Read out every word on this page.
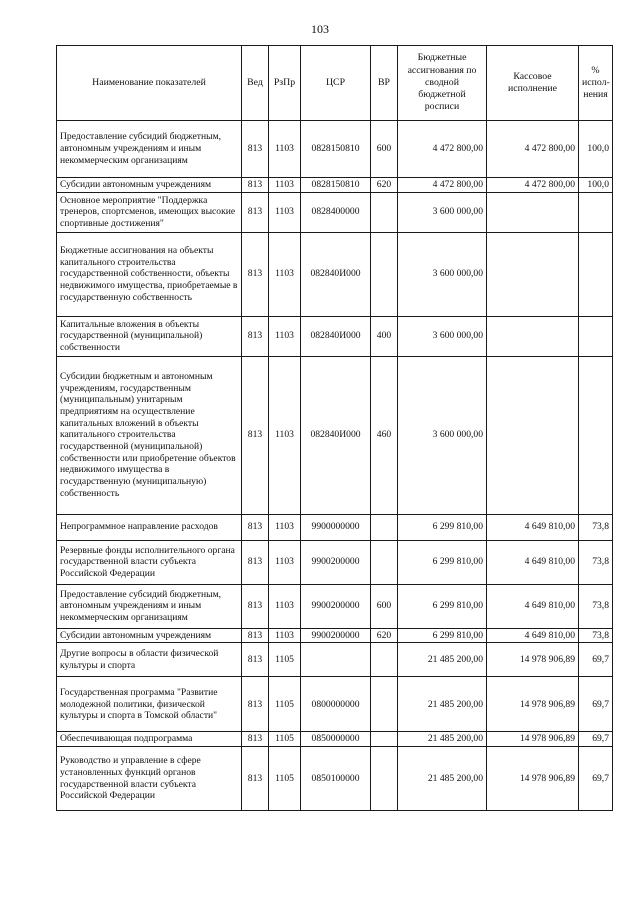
103
Наименование показателей	Вед	РзПр	ЦСР	ВР	Бюджетные ассигнования по сводной бюджетной росписи	Кассовое исполнение	% испол-нения
Предоставление субсидий бюджетным, автономным учреждениям и иным некоммерческим организациям	813	1103	0828150810	600	4 472 800,00	4 472 800,00	100,0
Субсидии автономным учреждениям	813	1103	0828150810	620	4 472 800,00	4 472 800,00	100,0
Основное мероприятие "Поддержка тренеров, спортсменов, имеющих высокие спортивные достижения"	813	1103	0828400000		3 600 000,00		
Бюджетные ассигнования на объекты капитального строительства государственной собственности, объекты недвижимого имущества, приобретаемые в государственную собственность	813	1103	082840И000		3 600 000,00		
Капитальные вложения в объекты государственной (муниципальной) собственности	813	1103	082840И000	400	3 600 000,00		
Субсидии бюджетным и автономным учреждениям, государственным (муниципальным) унитарным предприятиям на осуществление капитальных вложений в объекты капитального строительства государственной (муниципальной) собственности или приобретение объектов недвижимого имущества в государственную (муниципальную) собственность	813	1103	082840И000	460	3 600 000,00		
Непрограммное направление расходов	813	1103	9900000000		6 299 810,00	4 649 810,00	73,8
Резервные фонды исполнительного органа государственной власти субъекта Российской Федерации	813	1103	9900200000		6 299 810,00	4 649 810,00	73,8
Предоставление субсидий бюджетным, автономным учреждениям и иным некоммерческим организациям	813	1103	9900200000	600	6 299 810,00	4 649 810,00	73,8
Субсидии автономным учреждениям	813	1103	9900200000	620	6 299 810,00	4 649 810,00	73,8
Другие вопросы в области физической культуры и спорта	813	1105			21 485 200,00	14 978 906,89	69,7
Государственная программа "Развитие молодежной политики, физической культуры и спорта в Томской области"	813	1105	0800000000		21 485 200,00	14 978 906,89	69,7
Обеспечивающая подпрограмма	813	1105	0850000000		21 485 200,00	14 978 906,89	69,7
Руководство и управление в сфере установленных функций органов государственной власти субъекта Российской Федерации	813	1105	0850100000		21 485 200,00	14 978 906,89	69,7
